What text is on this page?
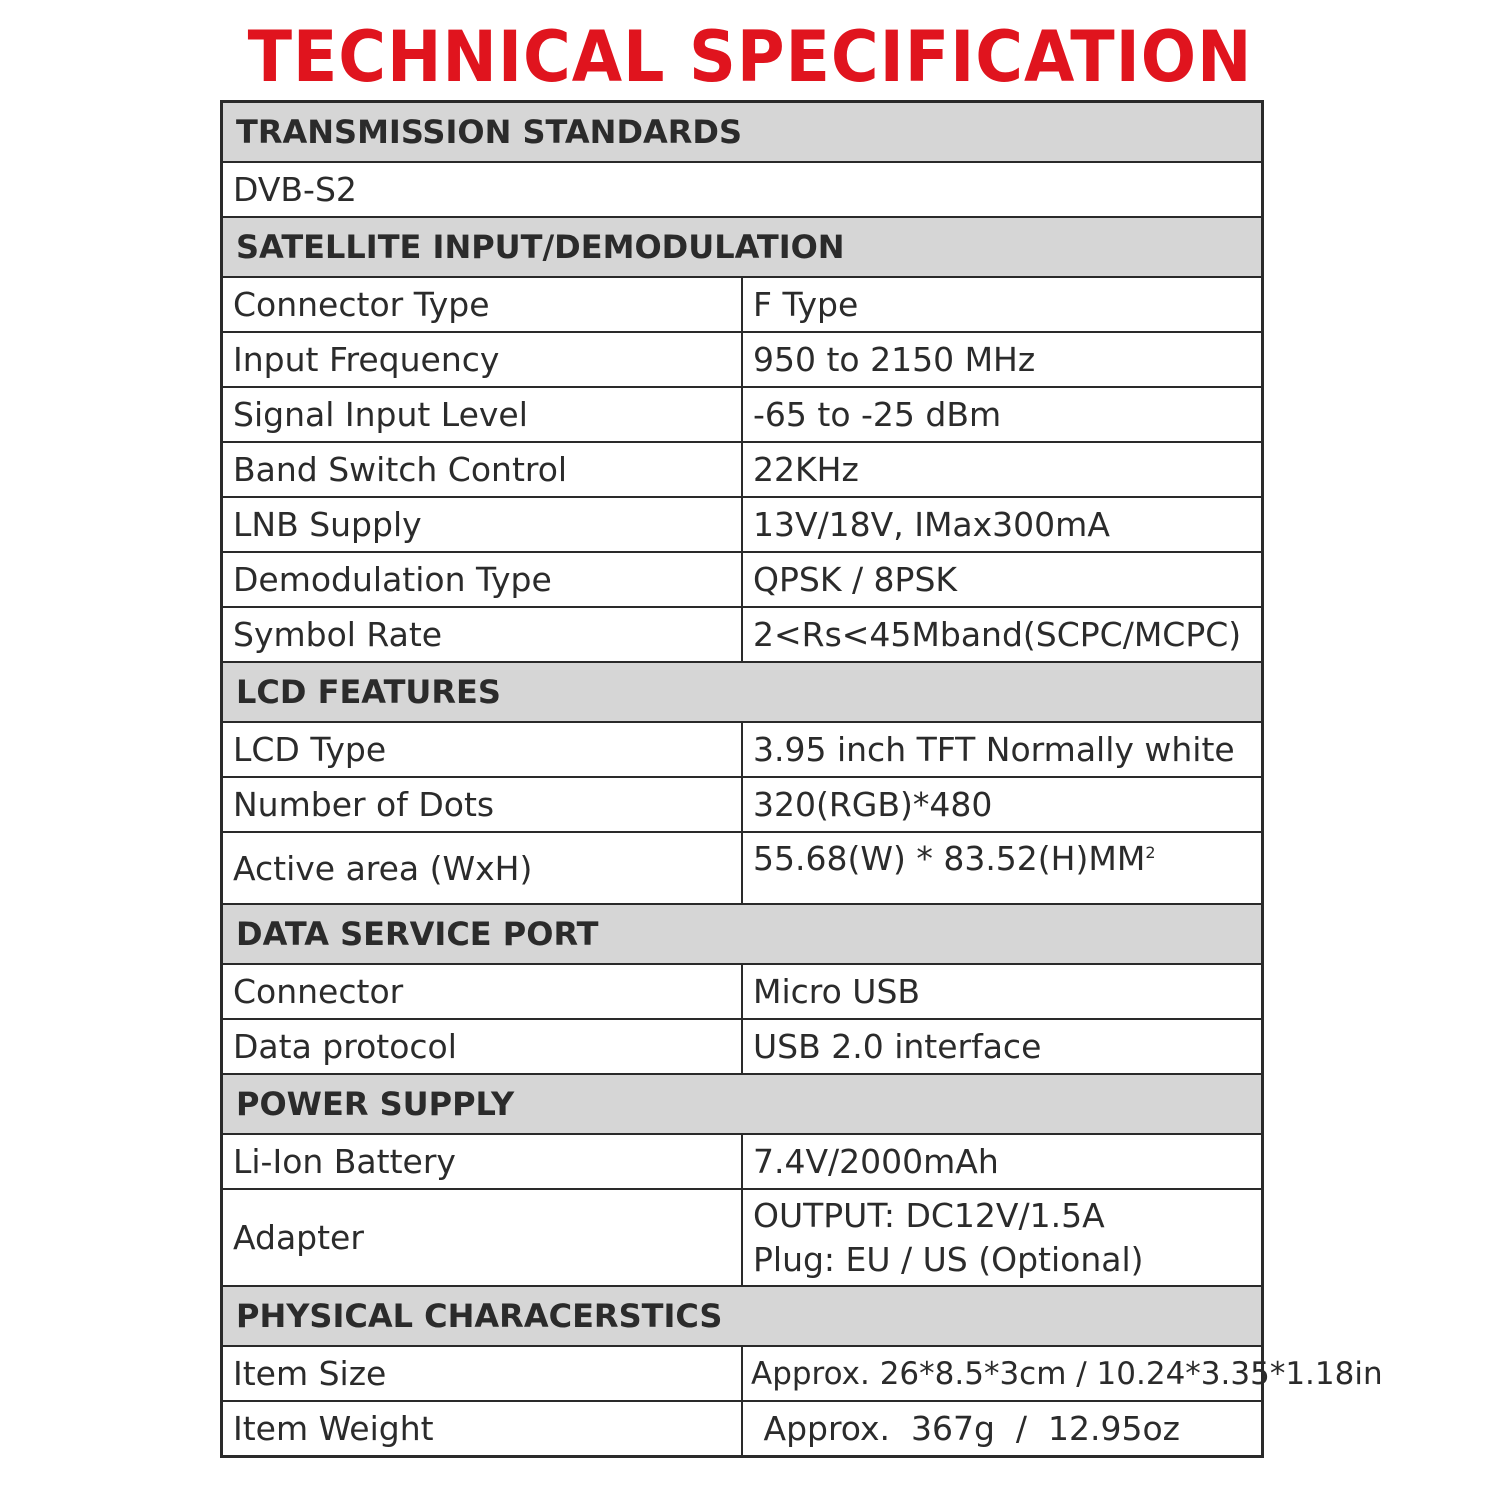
TECHNICAL SPECIFICATION
TRANSMISSION STANDARDS	
DVB-S2	
SATELLITE INPUT/DEMODULATION	
Connector Type	F Type
Input Frequency	950 to 2150 MHz
Signal Input Level	-65 to -25 dBm
Band Switch Control	22KHz
LNB Supply	13V/18V, IMax300mA
Demodulation Type	QPSK / 8PSK
Symbol Rate	2<Rs<45Mband(SCPC/MCPC)
LCD FEATURES	
LCD Type	3.95 inch TFT Normally white
Number of Dots	320(RGB)*480
Active area (WxH)	$55.68(W) * 83.52(H)MM^2$
DATA SERVICE PORT	
Connector	Micro USB
Data protocol	USB 2.0 interface
POWER SUPPLY	
Li-Ion Battery	7.4V/2000mAh
Adapter	OUTPUT: DC12V/1.5A
Plug: EU / US (Optional)

PHYSICAL CHARACERSTICS	
Item Size	Approx. 26*8.5*3cm / 10.24*3.35*1.18in
Item Weight	Approx.  367g  /  12.95oz
